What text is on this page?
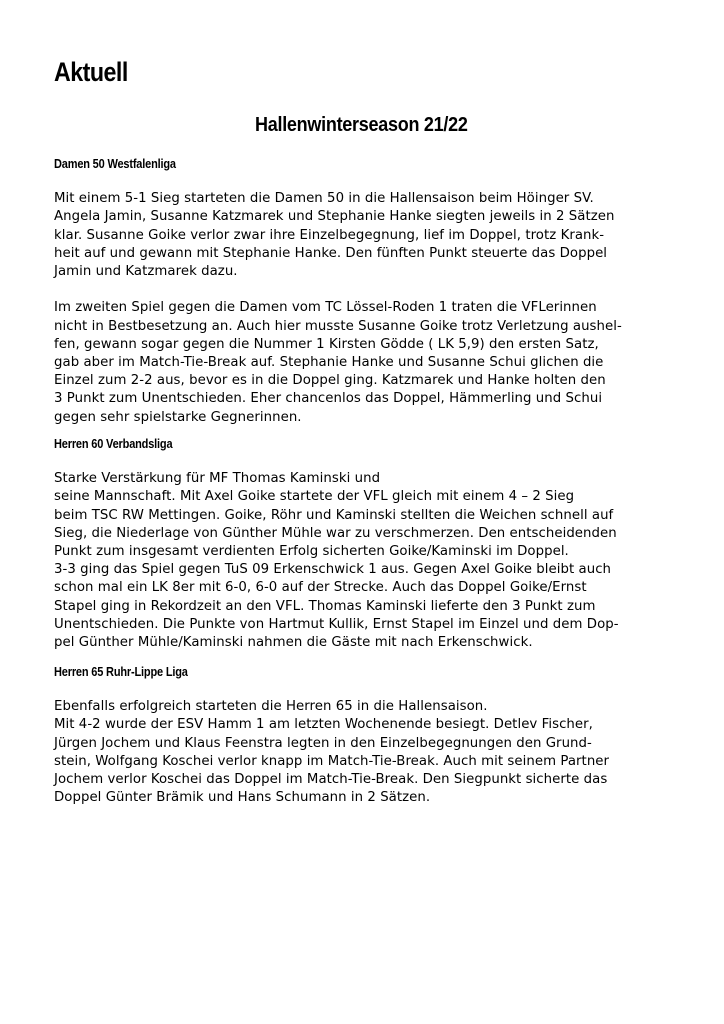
Aktuell
Hallenwinterseason 21/22
Damen 50 Westfalenliga

Mit einem 5-1 Sieg starteten die Damen 50 in die Hallensaison beim Höinger SV.
Angela Jamin, Susanne Katzmarek und Stephanie Hanke siegten jeweils in 2 Sätzen
klar. Susanne Goike verlor zwar ihre Einzelbegegnung, lief im Doppel, trotz Krank-
heit auf und gewann mit Stephanie Hanke. Den fünften Punkt steuerte das Doppel
Jamin und Katzmarek dazu.

Im zweiten Spiel gegen die Damen vom TC Lössel-Roden 1 traten die VFLerinnen
nicht in Bestbesetzung an. Auch hier musste Susanne Goike trotz Verletzung aushel-
fen, gewann sogar gegen die Nummer 1 Kirsten Gödde ( LK 5,9) den ersten Satz,
gab aber im Match-Tie-Break auf. Stephanie Hanke und Susanne Schui glichen die
Einzel zum 2-2 aus, bevor es in die Doppel ging. Katzmarek und Hanke holten den
3 Punkt zum Unentschieden. Eher chancenlos das Doppel, Hämmerling und Schui
gegen sehr spielstarke Gegnerinnen.

Herren 60 Verbandsliga

Starke Verstärkung für MF Thomas Kaminski und
seine Mannschaft. Mit Axel Goike startete der VFL gleich mit einem 4 – 2 Sieg
beim TSC RW Mettingen. Goike, Röhr und Kaminski stellten die Weichen schnell auf
Sieg, die Niederlage von Günther Mühle war zu verschmerzen. Den entscheidenden
Punkt zum insgesamt verdienten Erfolg sicherten Goike/Kaminski im Doppel.
3-3 ging das Spiel gegen TuS 09 Erkenschwick 1 aus. Gegen Axel Goike bleibt auch
schon mal ein LK 8er mit 6-0, 6-0 auf der Strecke. Auch das Doppel Goike/Ernst
Stapel ging in Rekordzeit an den VFL. Thomas Kaminski lieferte den 3 Punkt zum
Unentschieden. Die Punkte von Hartmut Kullik, Ernst Stapel im Einzel und dem Dop-
pel Günther Mühle/Kaminski nahmen die Gäste mit nach Erkenschwick.

Herren 65 Ruhr-Lippe Liga

Ebenfalls erfolgreich starteten die Herren 65 in die Hallensaison.
Mit 4-2 wurde der ESV Hamm 1 am letzten Wochenende besiegt. Detlev Fischer,
Jürgen Jochem und Klaus Feenstra legten in den Einzelbegegnungen den Grund-
stein, Wolfgang Koschei verlor knapp im Match-Tie-Break. Auch mit seinem Partner
Jochem verlor Koschei das Doppel im Match-Tie-Break. Den Siegpunkt sicherte das
Doppel Günter Brämik und Hans Schumann in 2 Sätzen.
